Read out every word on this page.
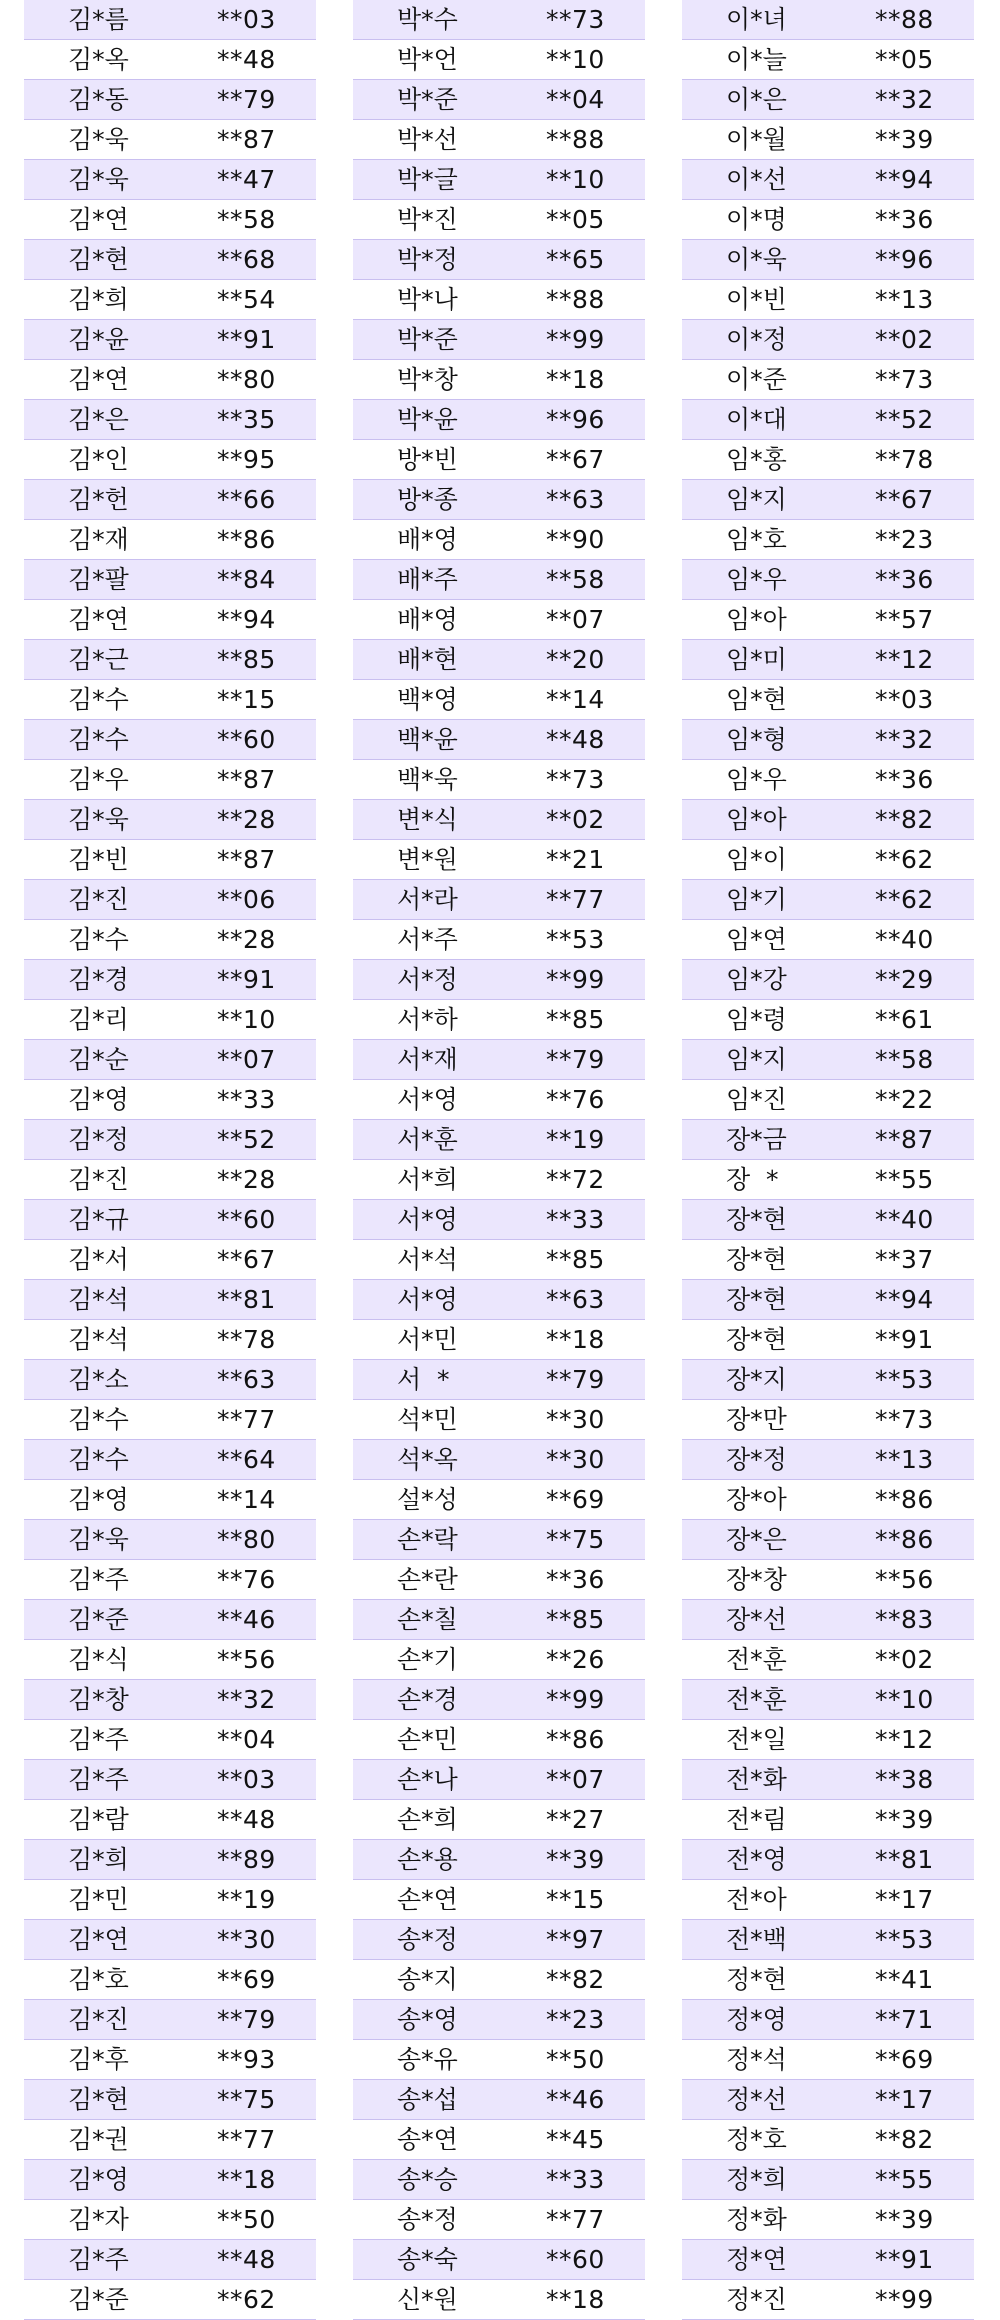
김*름	**03
김*옥	**48
김*동	**79
김*욱	**87
김*욱	**47
김*연	**58
김*현	**68
김*희	**54
김*윤	**91
김*연	**80
김*은	**35
김*인	**95
김*헌	**66
김*재	**86
김*팔	**84
김*연	**94
김*근	**85
김*수	**15
김*수	**60
김*우	**87
김*욱	**28
김*빈	**87
김*진	**06
김*수	**28
김*경	**91
김*리	**10
김*순	**07
김*영	**33
김*정	**52
김*진	**28
김*규	**60
김*서	**67
김*석	**81
김*석	**78
김*소	**63
김*수	**77
김*수	**64
김*영	**14
김*욱	**80
김*주	**76
김*준	**46
김*식	**56
김*창	**32
김*주	**04
김*주	**03
김*람	**48
김*희	**89
김*민	**19
김*연	**30
김*호	**69
김*진	**79
김*후	**93
김*현	**75
김*권	**77
김*영	**18
김*자	**50
김*주	**48
김*준	**62
박*수	**73
박*언	**10
박*준	**04
박*선	**88
박*글	**10
박*진	**05
박*정	**65
박*나	**88
박*준	**99
박*창	**18
박*윤	**96
방*빈	**67
방*종	**63
배*영	**90
배*주	**58
배*영	**07
배*현	**20
백*영	**14
백*윤	**48
백*욱	**73
변*식	**02
변*원	**21
서*라	**77
서*주	**53
서*정	**99
서*하	**85
서*재	**79
서*영	**76
서*훈	**19
서*희	**72
서*영	**33
서*석	**85
서*영	**63
서*민	**18
서  *	**79
석*민	**30
석*옥	**30
설*성	**69
손*락	**75
손*란	**36
손*칠	**85
손*기	**26
손*경	**99
손*민	**86
손*나	**07
손*희	**27
손*용	**39
손*연	**15
송*정	**97
송*지	**82
송*영	**23
송*유	**50
송*섭	**46
송*연	**45
송*승	**33
송*정	**77
송*숙	**60
신*원	**18
이*녀	**88
이*늘	**05
이*은	**32
이*월	**39
이*선	**94
이*명	**36
이*욱	**96
이*빈	**13
이*정	**02
이*준	**73
이*대	**52
임*홍	**78
임*지	**67
임*호	**23
임*우	**36
임*아	**57
임*미	**12
임*현	**03
임*형	**32
임*우	**36
임*아	**82
임*이	**62
임*기	**62
임*연	**40
임*강	**29
임*령	**61
임*지	**58
임*진	**22
장*금	**87
장  *	**55
장*현	**40
장*현	**37
장*현	**94
장*현	**91
장*지	**53
장*만	**73
장*정	**13
장*아	**86
장*은	**86
장*창	**56
장*선	**83
전*훈	**02
전*훈	**10
전*일	**12
전*화	**38
전*림	**39
전*영	**81
전*아	**17
전*백	**53
정*현	**41
정*영	**71
정*석	**69
정*선	**17
정*호	**82
정*희	**55
정*화	**39
정*연	**91
정*진	**99
